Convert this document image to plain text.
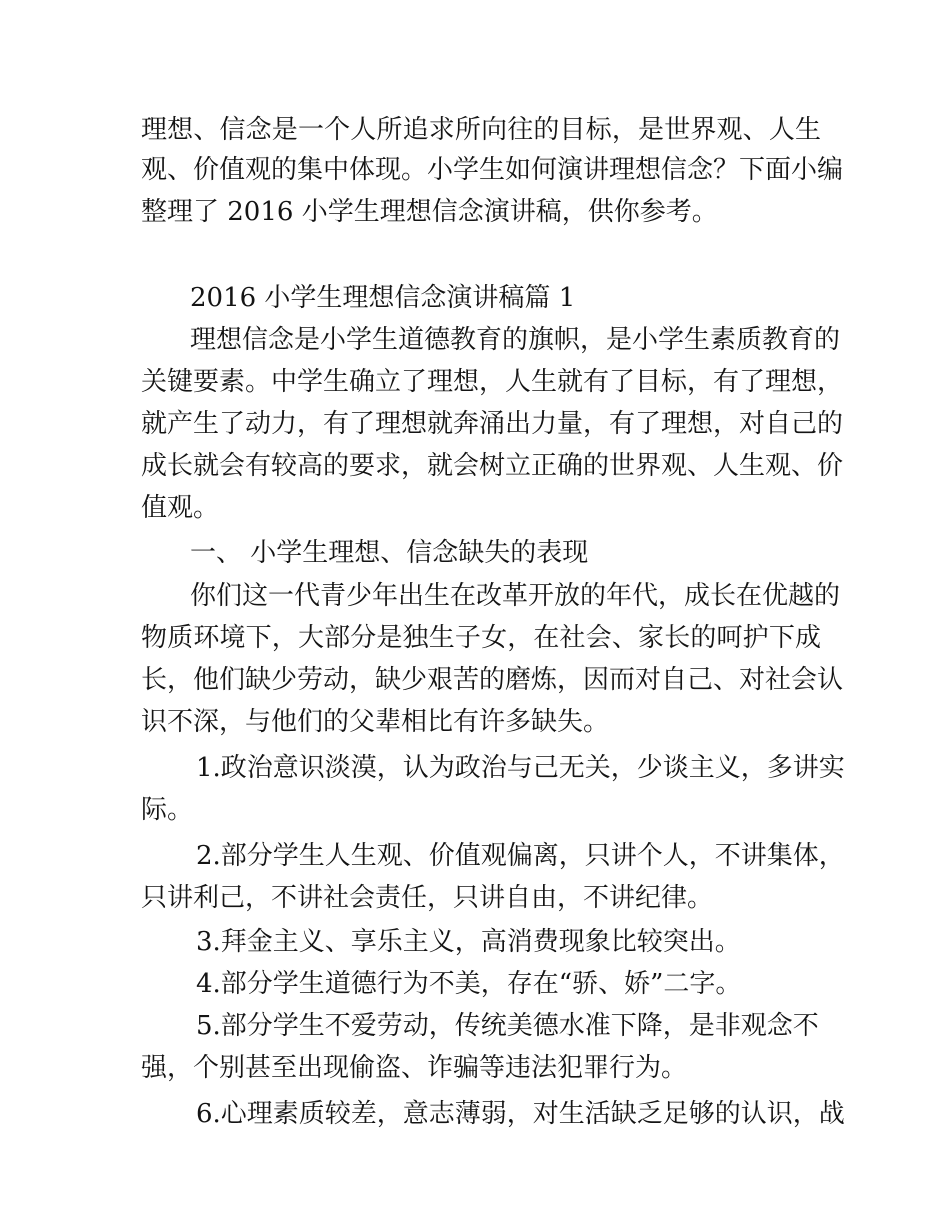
理想、信念是一个人所追求所向往的目标，是世界观、人生
观、价值观的集中体现。小学生如何演讲理想信念？下面小编
整理了 2016 小学生理想信念演讲稿，供你参考。
2016 小学生理想信念演讲稿篇 1
理想信念是小学生道德教育的旗帜，是小学生素质教育的
关键要素。中学生确立了理想，人生就有了目标，有了理想，
就产生了动力，有了理想就奔涌出力量，有了理想，对自己的
成长就会有较高的要求，就会树立正确的世界观、人生观、价
值观。
一、 小学生理想、信念缺失的表现
你们这一代青少年出生在改革开放的年代，成长在优越的
物质环境下，大部分是独生子女，在社会、家长的呵护下成
长，他们缺少劳动，缺少艰苦的磨炼，因而对自己、对社会认
识不深，与他们的父辈相比有许多缺失。
1.政治意识淡漠，认为政治与己无关，少谈主义，多讲实
际。
2.部分学生人生观、价值观偏离，只讲个人，不讲集体，
只讲利己，不讲社会责任，只讲自由，不讲纪律。
3.拜金主义、享乐主义，高消费现象比较突出。
4.部分学生道德行为不美，存在“骄、娇”二字。
5.部分学生不爱劳动，传统美德水准下降，是非观念不
强，个别甚至出现偷盗、诈骗等违法犯罪行为。
6.心理素质较差，意志薄弱，对生活缺乏足够的认识，战
